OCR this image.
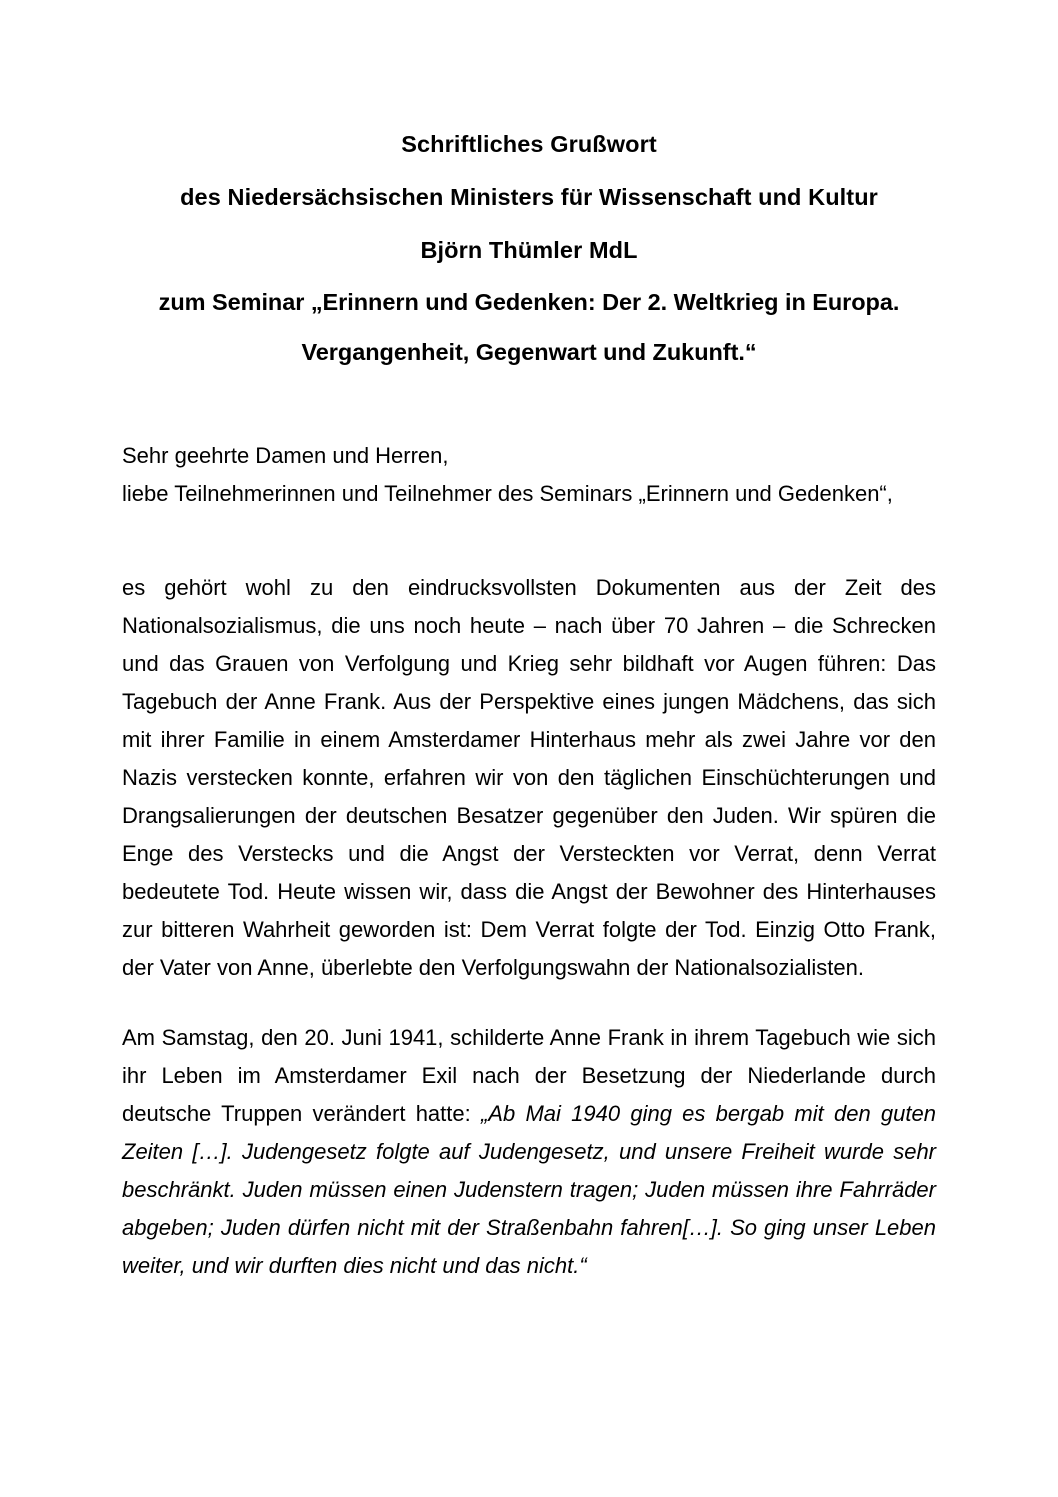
Schriftliches Grußwort
des Niedersächsischen Ministers für Wissenschaft und Kultur
Björn Thümler MdL
zum Seminar „Erinnern und Gedenken: Der 2. Weltkrieg in Europa.
Vergangenheit, Gegenwart und Zukunft.“
Sehr geehrte Damen und Herren,
liebe Teilnehmerinnen und Teilnehmer des Seminars „Erinnern und Gedenken“,

es gehört wohl zu den eindrucksvollsten Dokumenten aus der Zeit des Nationalsozialismus, die uns noch heute – nach über 70 Jahren – die Schrecken und das Grauen von Verfolgung und Krieg sehr bildhaft vor Augen führen: Das Tagebuch der Anne Frank. Aus der Perspektive eines jungen Mädchens, das sich mit ihrer Familie in einem Amsterdamer Hinterhaus mehr als zwei Jahre vor den Nazis verstecken konnte, erfahren wir von den täglichen Einschüchterungen und Drangsalierungen der deutschen Besatzer gegenüber den Juden. Wir spüren die Enge des Verstecks und die Angst der Versteckten vor Verrat, denn Verrat bedeutete Tod. Heute wissen wir, dass die Angst der Bewohner des Hinterhauses zur bitteren Wahrheit geworden ist: Dem Verrat folgte der Tod. Einzig Otto Frank, der Vater von Anne, überlebte den Verfolgungswahn der Nationalsozialisten.

Am Samstag, den 20. Juni 1941, schilderte Anne Frank in ihrem Tagebuch wie sich ihr Leben im Amsterdamer Exil nach der Besetzung der Niederlande durch deutsche Truppen verändert hatte: „Ab Mai 1940 ging es bergab mit den guten Zeiten […]. Judengesetz folgte auf Judengesetz, und unsere Freiheit wurde sehr beschränkt. Juden müssen einen Judenstern tragen; Juden müssen ihre Fahrräder abgeben; Juden dürfen nicht mit der Straßenbahn fahren[…]. So ging unser Leben weiter, und wir durften dies nicht und das nicht.“
